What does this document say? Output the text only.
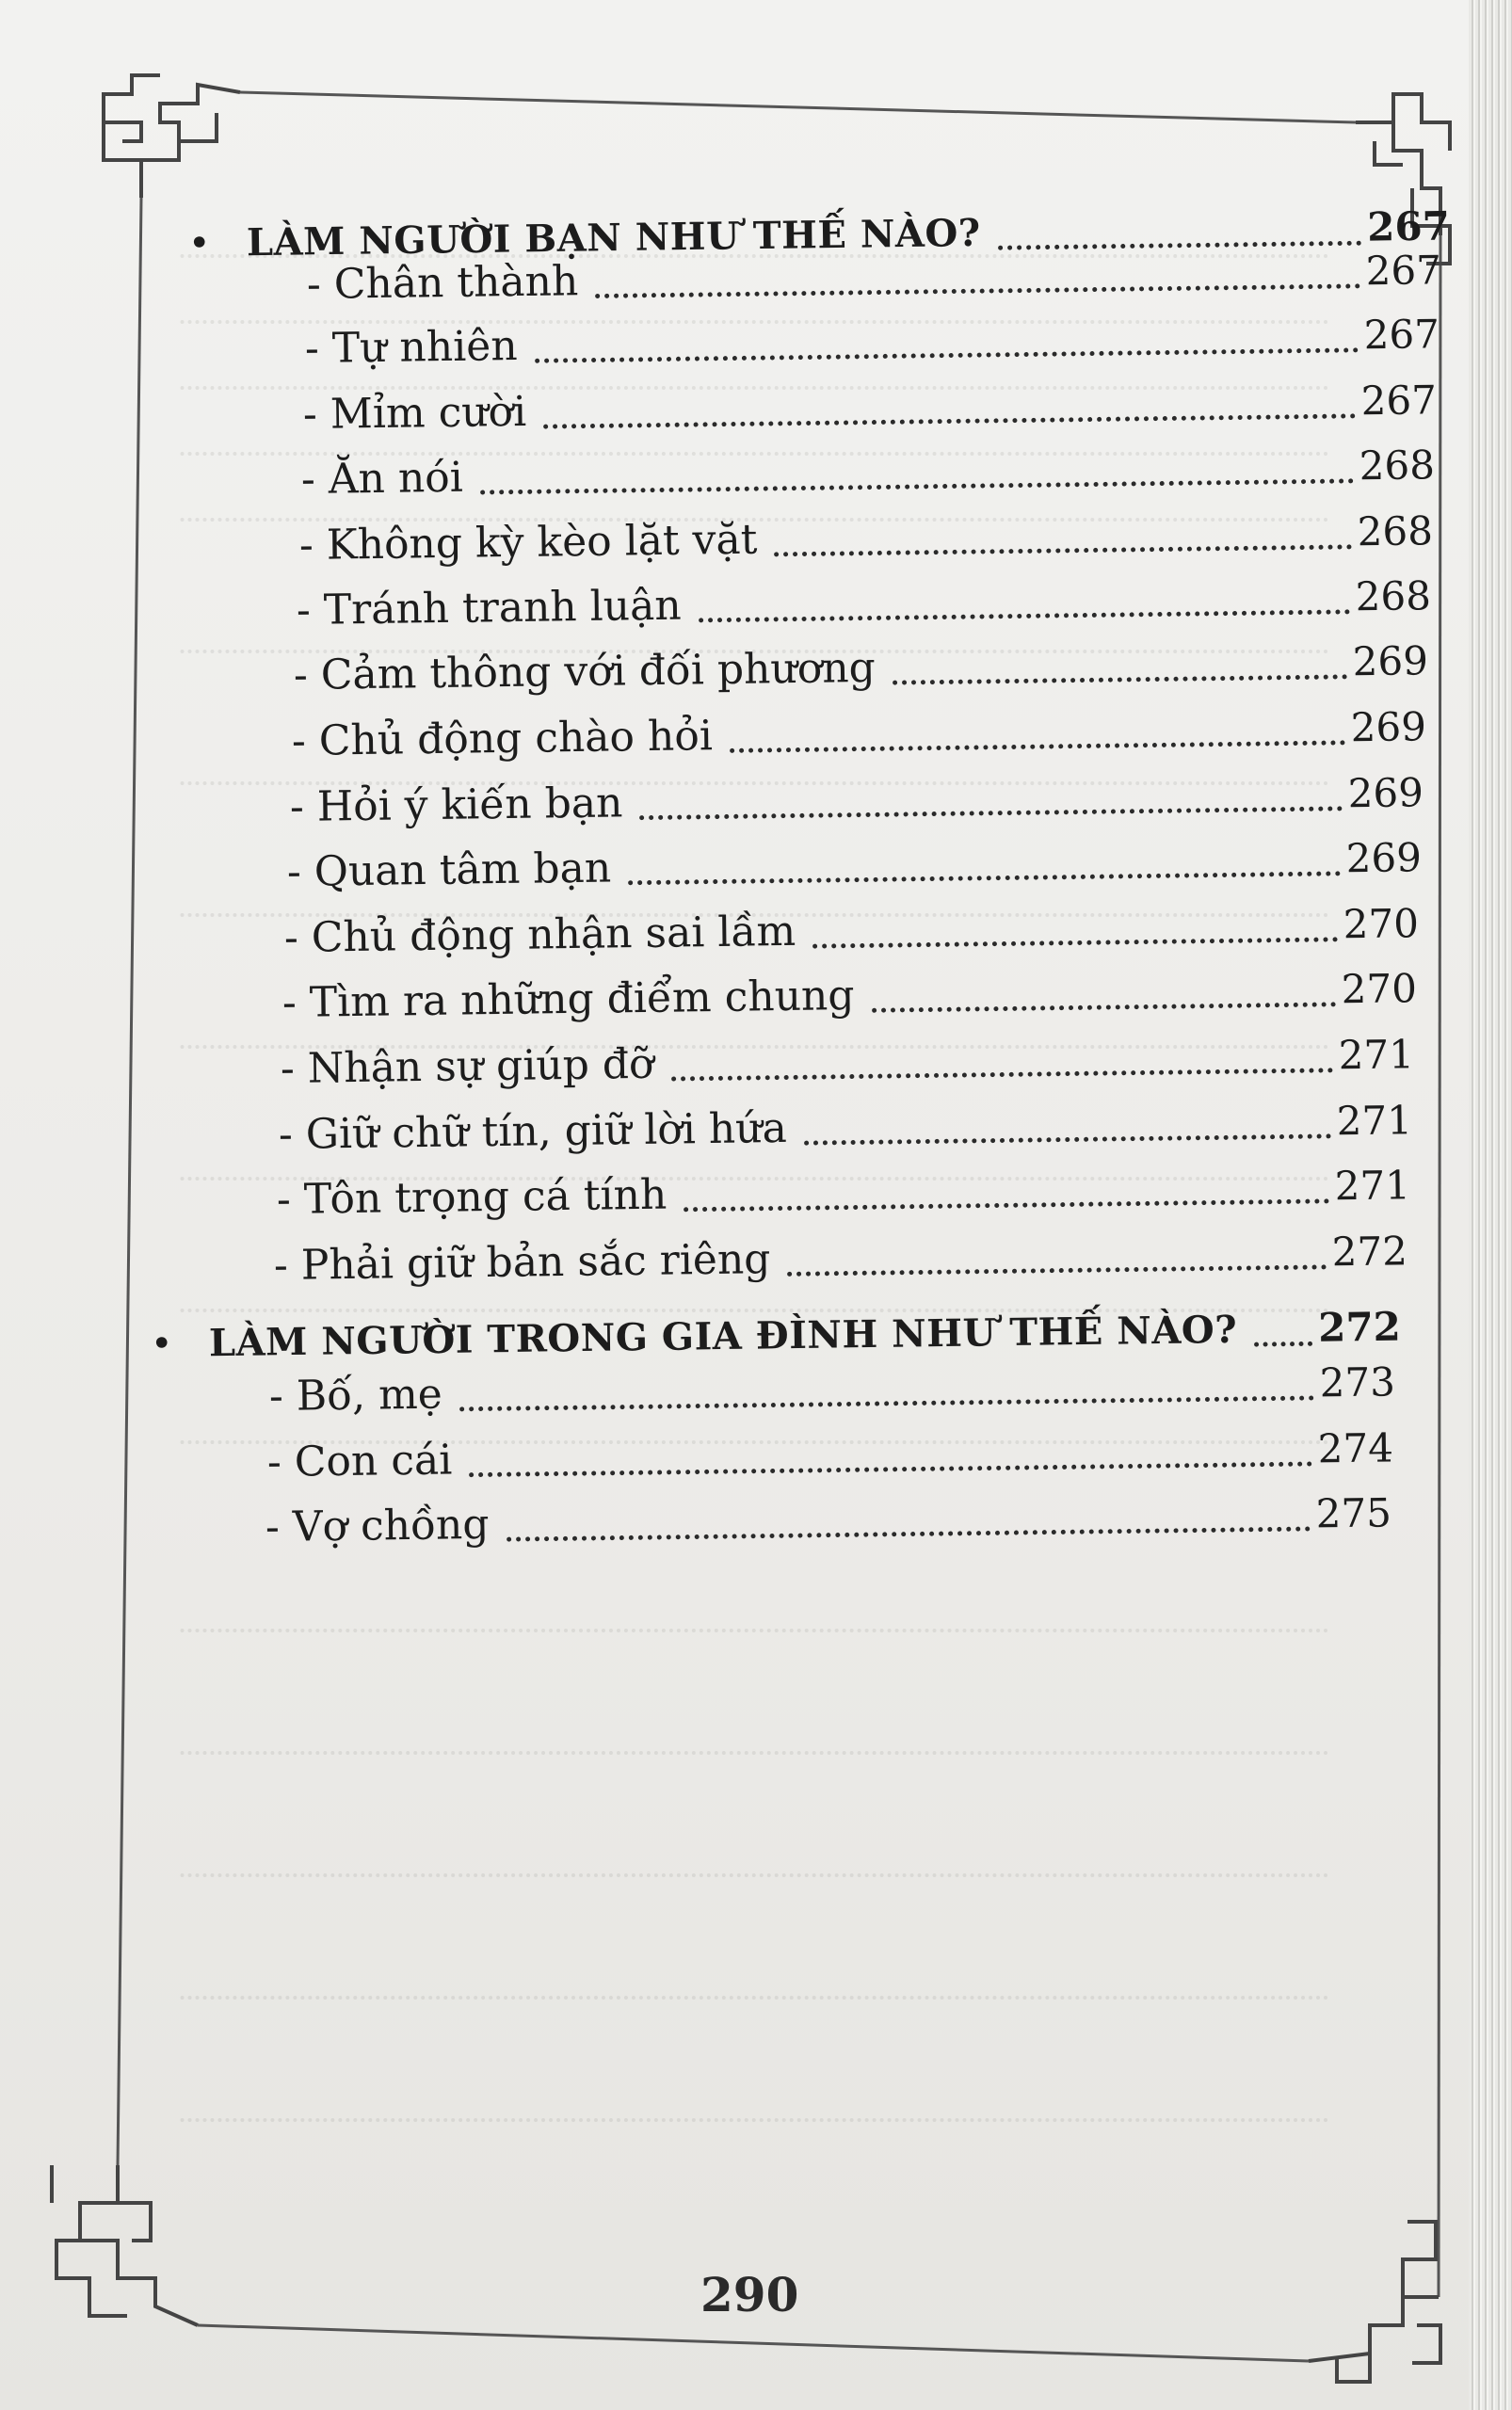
• LÀM NGƯỜI BẠN NHƯ THẾ NÀO?	267
- Chân thành	267
- Tự nhiên	267
- Mỉm cười	267
- Ăn nói	268
- Không kỳ kèo lặt vặt	268
- Tránh tranh luận	268
- Cảm thông với đối phương	269
- Chủ động chào hỏi	269
- Hỏi ý kiến bạn	269
- Quan tâm bạn	269
- Chủ động nhận sai lầm	270
- Tìm ra những điểm chung	270
- Nhận sự giúp đỡ	271
- Giữ chữ tín, giữ lời hứa	271
- Tôn trọng cá tính	271
- Phải giữ bản sắc riêng	272
• LÀM NGƯỜI TRONG GIA ĐÌNH NHƯ THẾ NÀO? 272
- Bố, mẹ	273
- Con cái	274
- Vợ chồng	275
290
